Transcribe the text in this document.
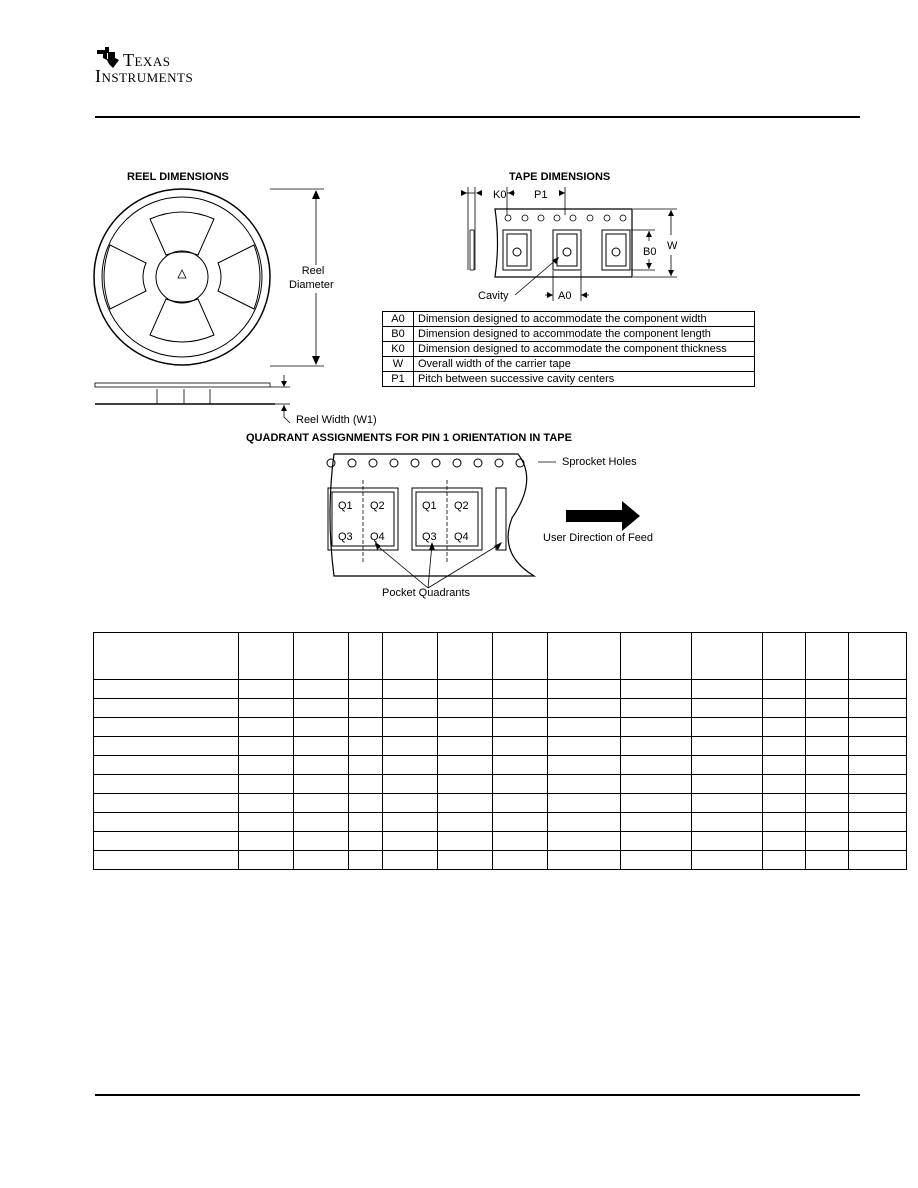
Texas
Instruments
REEL DIMENSIONS
Reel
Diameter
Reel Width (W1)
TAPE DIMENSIONS
K0	P1
B0 W
Cavity	A0
A0	Dimension designed to accommodate the component width
B0	Dimension designed to accommodate the component length
K0	Dimension designed to accommodate the component thickness
W	Overall width of the carrier tape
P1	Pitch between successive cavity centers
QUADRANT ASSIGNMENTS FOR PIN 1 ORIENTATION IN TAPE
Q1 Q2
Q3 Q4
Q1 Q2
Q3 Q4
Sprocket Holes
User Direction of Feed
Pocket Quadrants
